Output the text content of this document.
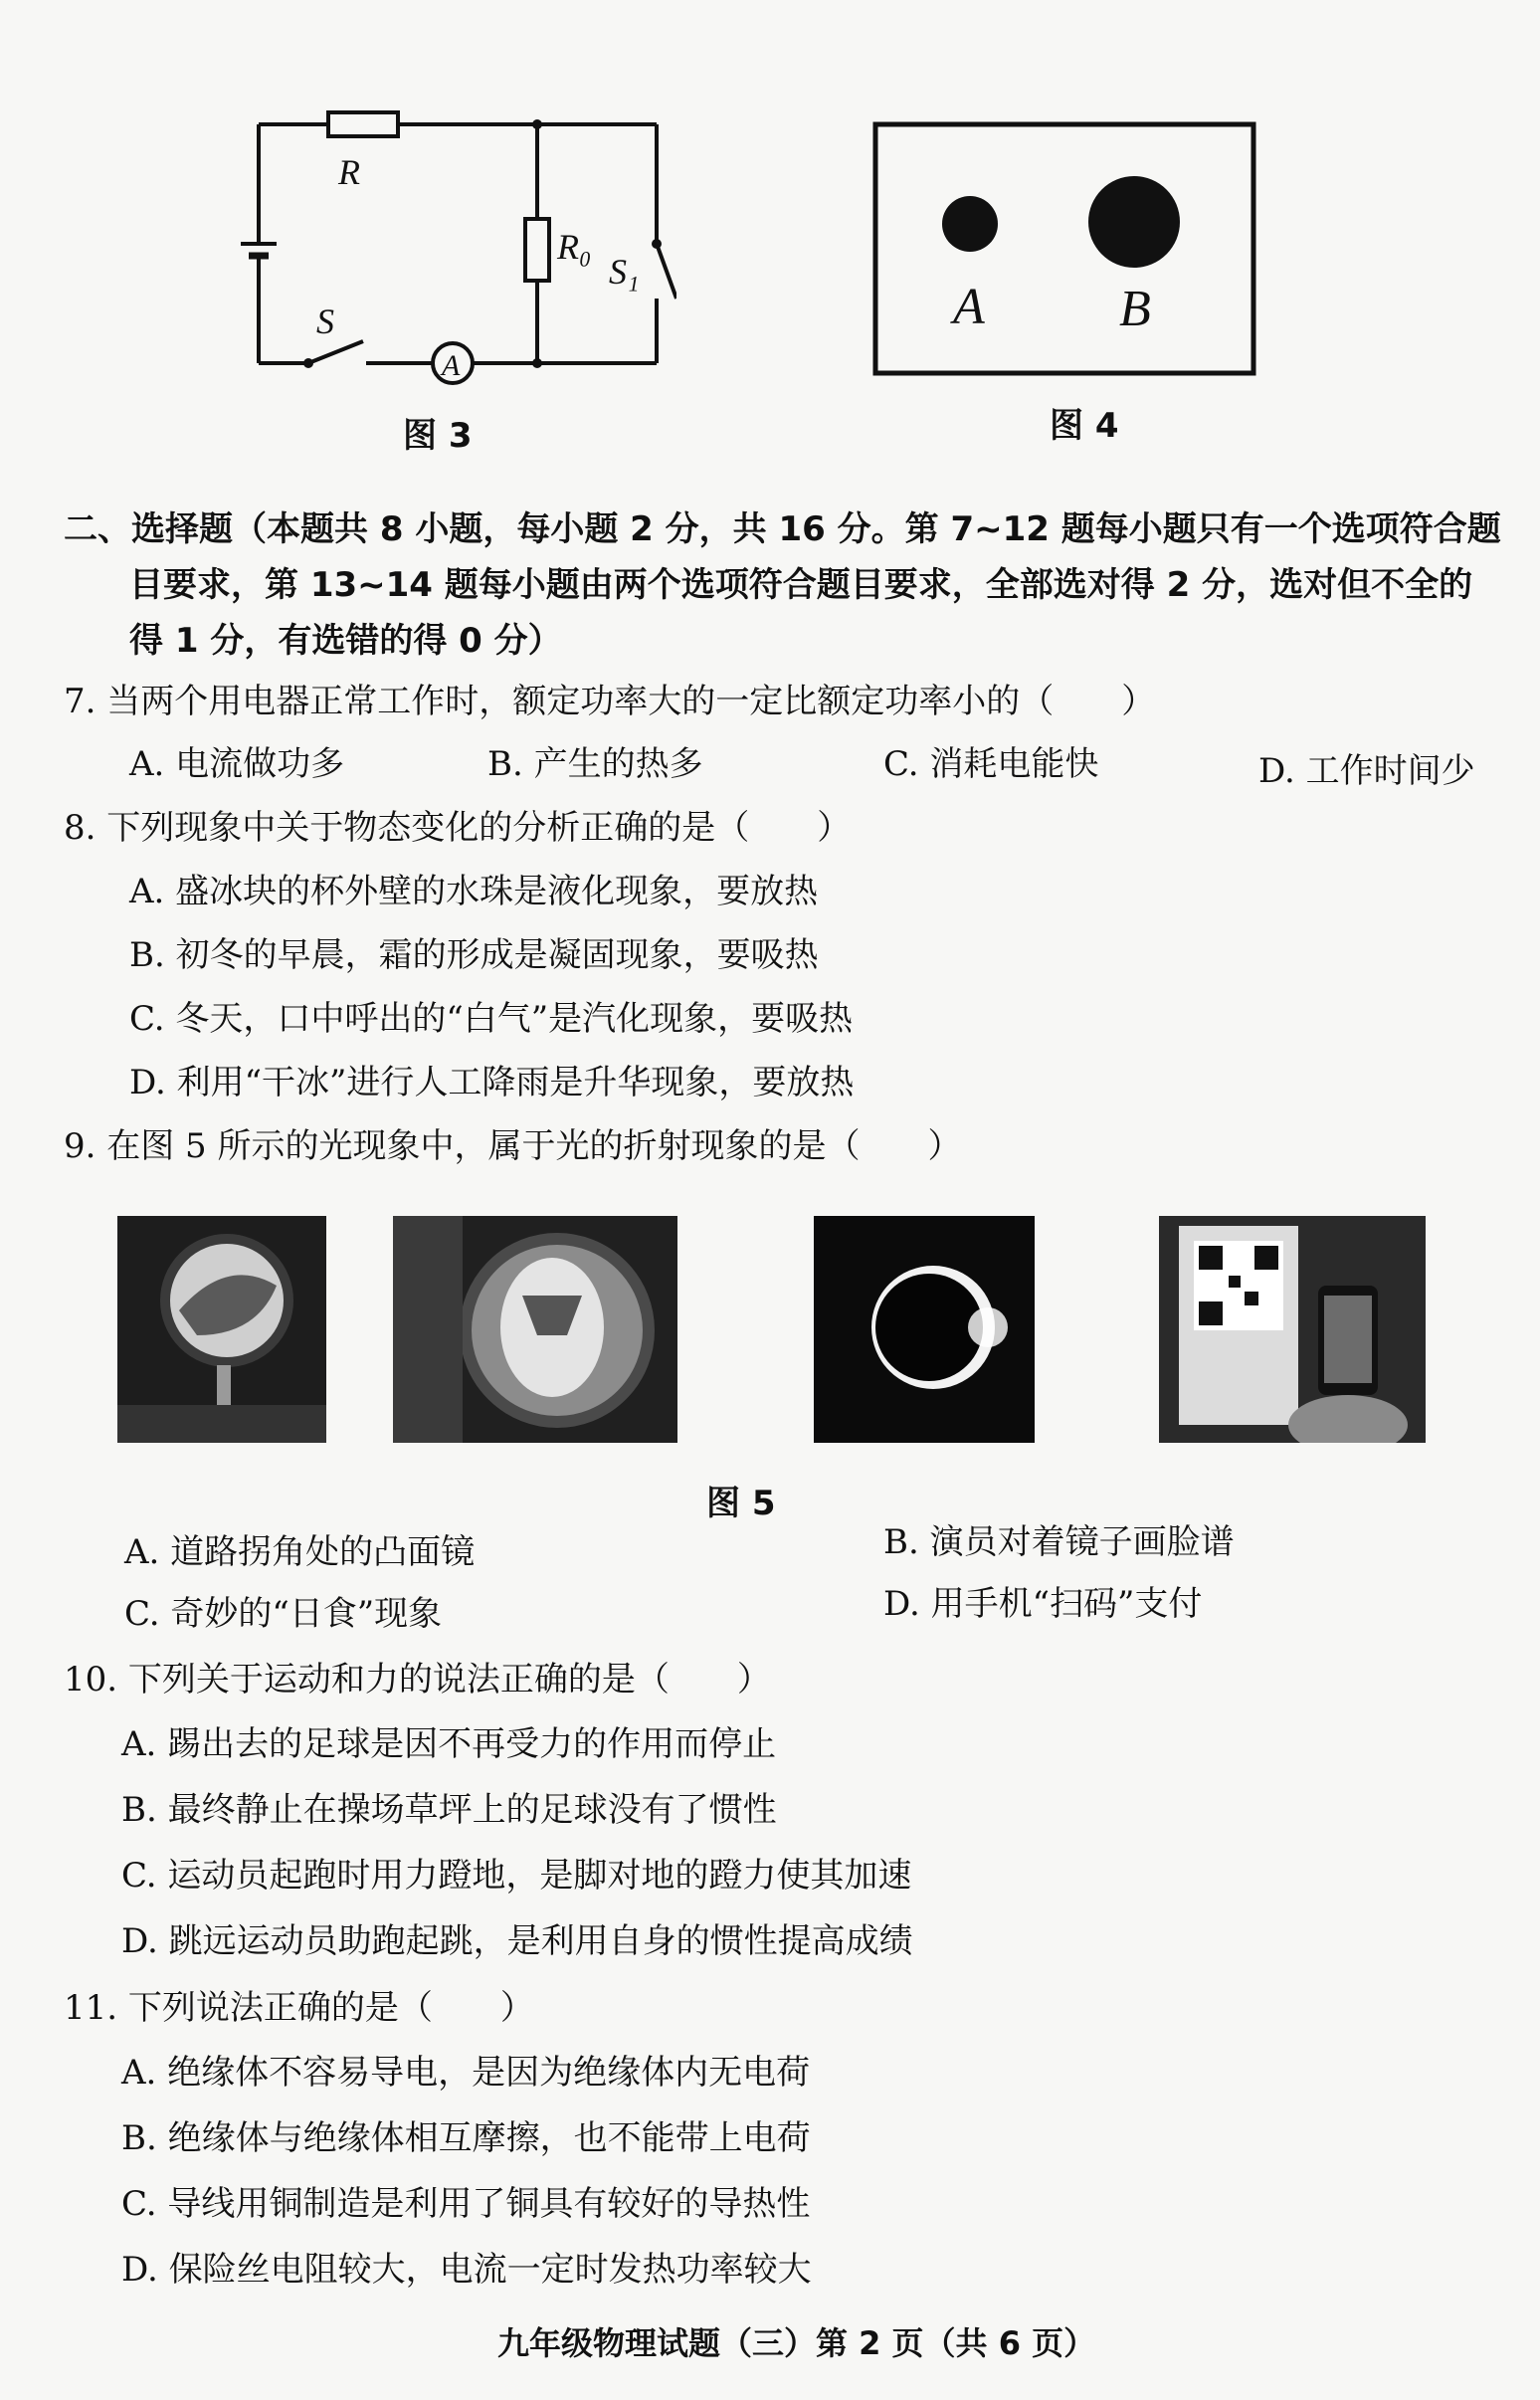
R
R₀
S₁
S
A
图 3
A	B
图 4
二、选择题（本题共 8 小题，每小题 2 分，共 16 分。第 7~12 题每小题只有一个选项符合题
目要求，第 13~14 题每小题由两个选项符合题目要求，全部选对得 2 分，选对但不全的
得 1 分，有选错的得 0 分）
7. 当两个用电器正常工作时，额定功率大的一定比额定功率小的（　　）
A. 电流做功多	B. 产生的热多	C. 消耗电能快	D. 工作时间少
8. 下列现象中关于物态变化的分析正确的是（　　）
A. 盛冰块的杯外壁的水珠是液化现象，要放热
B. 初冬的早晨，霜的形成是凝固现象，要吸热
C. 冬天，口中呼出的“白气”是汽化现象，要吸热
D. 利用“干冰”进行人工降雨是升华现象，要放热
9. 在图 5 所示的光现象中，属于光的折射现象的是（　　）
图 5
A. 道路拐角处的凸面镜	B. 演员对着镜子画脸谱
C. 奇妙的“日食”现象	D. 用手机“扫码”支付
10. 下列关于运动和力的说法正确的是（　　）
A. 踢出去的足球是因不再受力的作用而停止
B. 最终静止在操场草坪上的足球没有了惯性
C. 运动员起跑时用力蹬地，是脚对地的蹬力使其加速
D. 跳远运动员助跑起跳，是利用自身的惯性提高成绩
11. 下列说法正确的是（　　）
A. 绝缘体不容易导电，是因为绝缘体内无电荷
B. 绝缘体与绝缘体相互摩擦，也不能带上电荷
C. 导线用铜制造是利用了铜具有较好的导热性
D. 保险丝电阻较大，电流一定时发热功率较大
九年级物理试题（三）第 2 页（共 6 页）
